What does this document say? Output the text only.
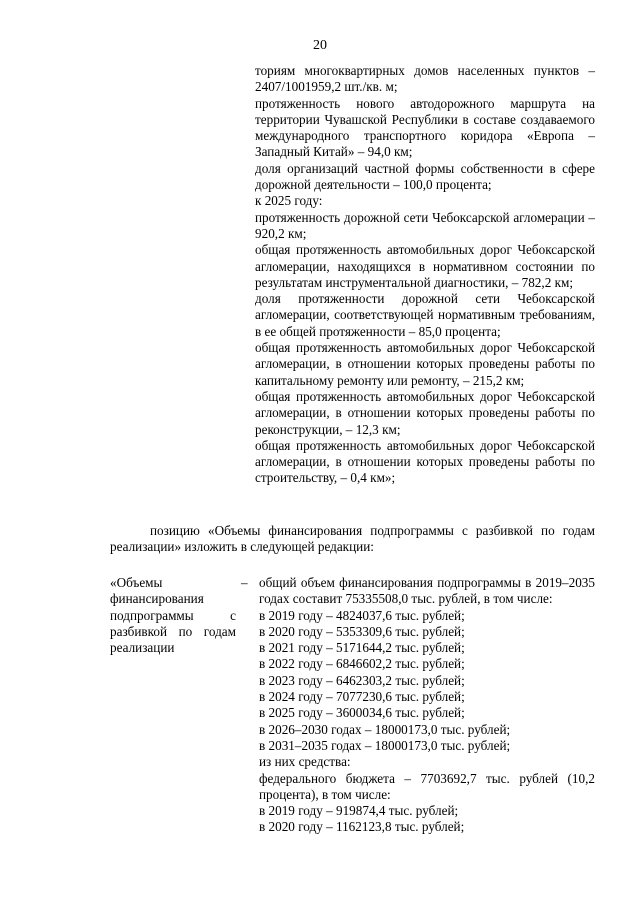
20

ториям многоквартирных домов населенных пунктов – 2407/1001959,2 шт./кв. м;

протяженность нового автодорожного маршрута на территории Чувашской Республики в составе создаваемого международного транспортного коридора «Европа – Западный Китай» – 94,0 км;

доля организаций частной формы собственности в сфере дорожной деятельности – 100,0 процента;

к 2025 году:

протяженность дорожной сети Чебоксарской агломерации – 920,2 км;

общая протяженность автомобильных дорог Чебоксарской агломерации, находящихся в нормативном состоянии по результатам инструментальной диагностики, – 782,2 км;

доля протяженности дорожной сети Чебоксарской агломерации, соответствующей нормативным требованиям, в ее общей протяженности – 85,0 процента;

общая протяженность автомобильных дорог Чебоксарской агломерации, в отношении которых проведены работы по капитальному ремонту или ремонту, – 215,2 км;

общая протяженность автомобильных дорог Чебоксарской агломерации, в отношении которых проведены работы по реконструкции, – 12,3 км;

общая протяженность автомобильных дорог Чебоксарской агломерации, в отношении которых проведены работы по строительству, – 0,4 км»;

позицию «Объемы финансирования подпрограммы с разбивкой по годам реализации» изложить в следующей редакции:

«Объемы финансирования подпрограммы с разбивкой по годам реализации
– общий объем финансирования подпрограммы в 2019–2035 годах составит 75335508,0 тыс. рублей, в том числе:

в 2019 году – 4824037,6 тыс. рублей;

в 2020 году – 5353309,6 тыс. рублей;

в 2021 году – 5171644,2 тыс. рублей;

в 2022 году – 6846602,2 тыс. рублей;

в 2023 году – 6462303,2 тыс. рублей;

в 2024 году – 7077230,6 тыс. рублей;

в 2025 году – 3600034,6 тыс. рублей;

в 2026–2030 годах – 18000173,0 тыс. рублей;

в 2031–2035 годах – 18000173,0 тыс. рублей;

из них средства:

федерального бюджета – 7703692,7 тыс. рублей (10,2 процента), в том числе:

в 2019 году – 919874,4 тыс. рублей;

в 2020 году – 1162123,8 тыс. рублей;
